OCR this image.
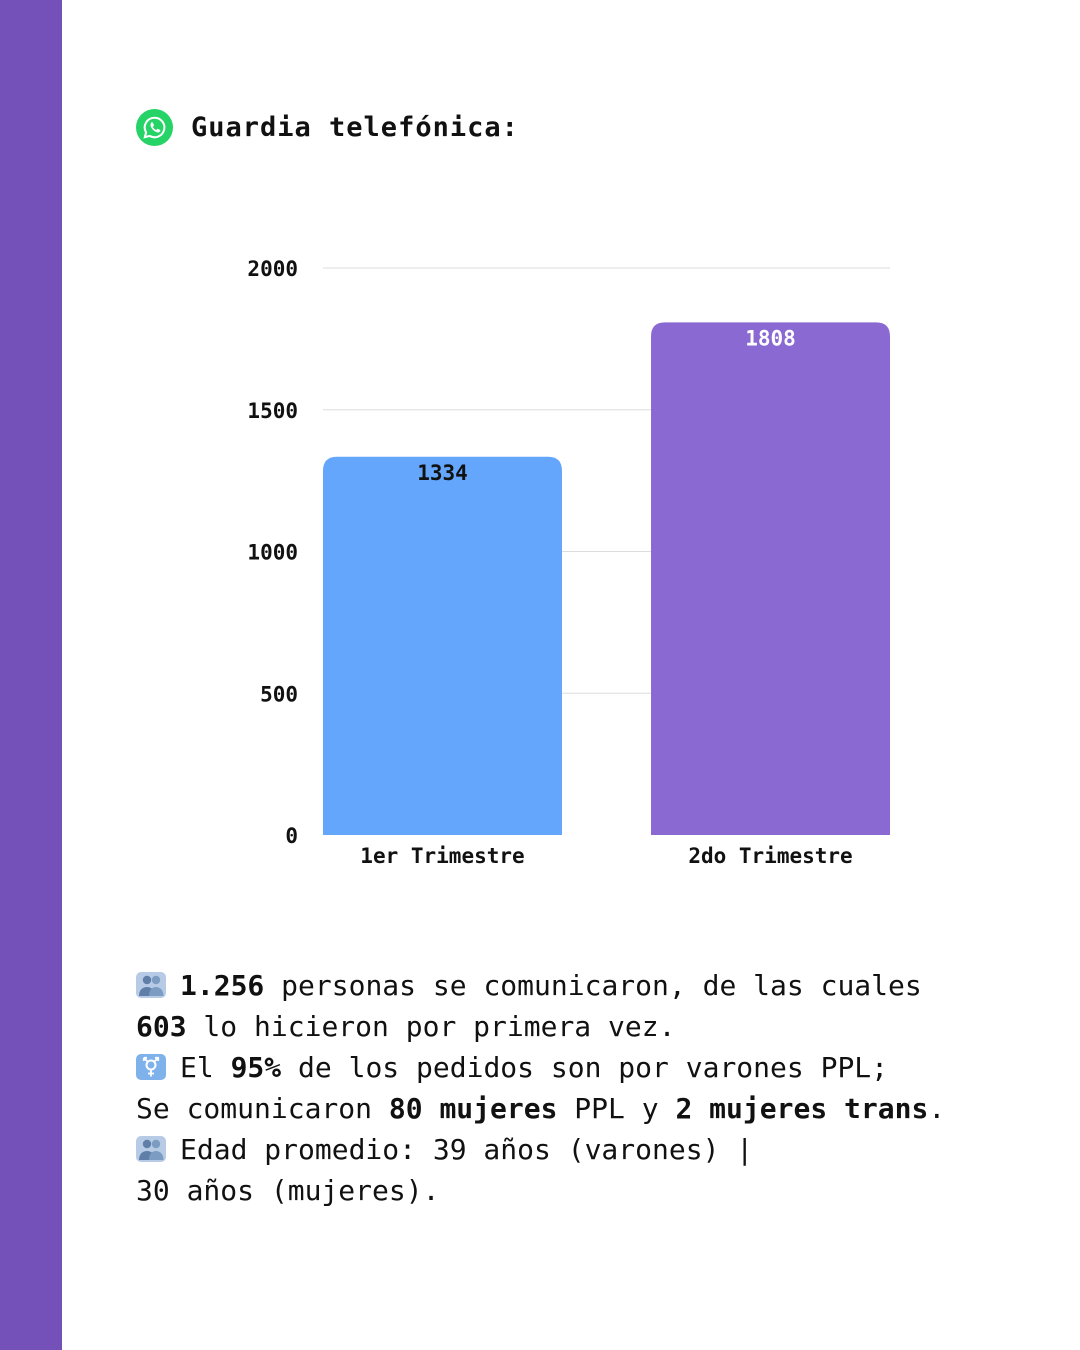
Guardia telefónica:
0
500
1000
1500
2000
1334
1er Trimestre
1808
2do Trimestre
1.256 personas se comunicaron, de las cuales
603 lo hicieron por primera vez.
El 95% de los pedidos son por varones PPL;
Se comunicaron 80 mujeres PPL y 2 mujeres trans.
Edad promedio: 39 años (varones) |
30 años (mujeres).
